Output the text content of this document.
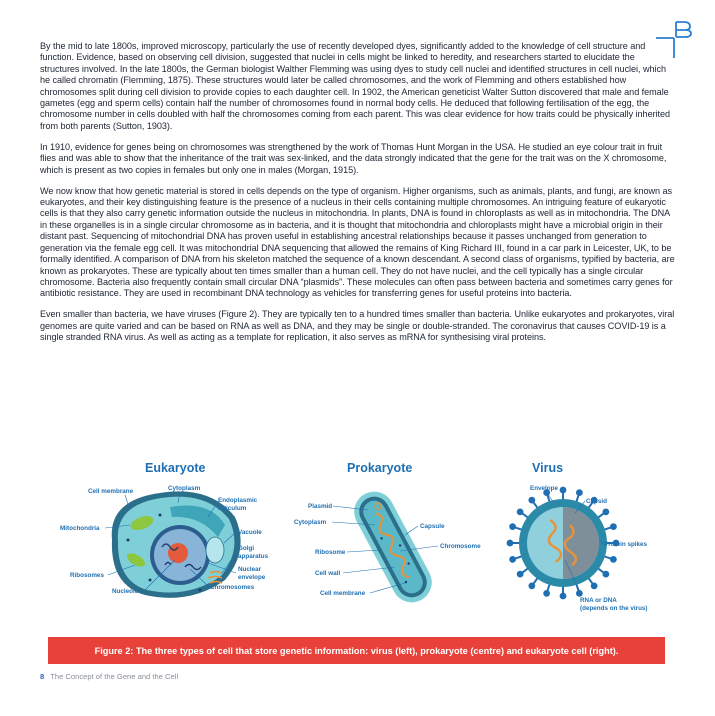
By the mid to late 1800s, improved microscopy, particularly the use of recently developed dyes, significantly added to the knowledge of cell structure and function. Evidence, based on observing cell division, suggested that nuclei in cells might be linked to heredity, and researchers started to elucidate the structures involved. In the late 1800s, the German biologist Walther Flemming was using dyes to study cell nuclei and identified structures in cell nuclei, which he called chromatin (Flemming, 1875). These structures would later be called chromosomes, and the work of Flemming and others established how chromosomes split during cell division to provide copies to each daughter cell. In 1902, the American geneticist Walter Sutton discovered that male and female gametes (egg and sperm cells) contain half the number of chromosomes found in normal body cells. He deduced that following fertilisation of the egg, the chromosome number in cells doubled with half the chromosomes coming from each parent. This was clear evidence for how traits could be physically inherited from both parents (Sutton, 1903).

In 1910, evidence for genes being on chromosomes was strengthened by the work of Thomas Hunt Morgan in the USA. He studied an eye colour trait in fruit flies and was able to show that the inheritance of the trait was sex-linked, and the data strongly indicated that the gene for the trait was on the X chromosome, which is present as two copies in females but only one in males (Morgan, 1915).

We now know that how genetic material is stored in cells depends on the type of organism. Higher organisms, such as animals, plants, and fungi, are known as eukaryotes, and their key distinguishing feature is the presence of a nucleus in their cells containing multiple chromosomes. An intriguing feature of eukaryotic cells is that they also carry genetic information outside the nucleus in mitochondria. In plants, DNA is found in chloroplasts as well as in mitochondria. The DNA in these organelles is in a single circular chromosome as in bacteria, and it is thought that mitochondria and chloroplasts might have a microbial origin in their distant past. Sequencing of mitochondrial DNA has proven useful in establishing ancestral relationships because it passes unchanged from generation to generation via the female egg cell. It was mitochondrial DNA sequencing that allowed the remains of King Richard III, found in a car park in Leicester, UK, to be formally identified. A comparison of DNA from his skeleton matched the sequence of a known descendant. A second class of organisms, typified by bacteria, are known as prokaryotes. These are typically about ten times smaller than a human cell. They do not have nuclei, and the cell typically has a single circular chromosome. Bacteria also frequently contain small circular DNA “plasmids”. These molecules can often pass between bacteria and sometimes carry genes for antibiotic resistance. They are used in recombinant DNA technology as vehicles for transferring genes for useful proteins into bacteria.

Even smaller than bacteria, we have viruses (Figure 2). They are typically ten to a hundred times smaller than bacteria. Unlike eukaryotes and prokaryotes, viral genomes are quite varied and can be based on RNA as well as DNA, and they may be single or double-stranded. The coronavirus that causes COVID-19 is a single stranded RNA virus. As well as acting as a template for replication, it also serves as mRNA for synthesising viral proteins.

Eukaryote
Cell membrane	Cytoplasm
Endoplasmic
reticulum
Mitochondria
Vacuole
Golgi
apparatus
Nuclear
envelope
Ribosomes
Chromosomes
Nucleolus
Prokaryote
Plasmid
Cytoplasm
Capsule
Ribosome
Chromosome
Cell wall
Cell membrane
Virus
Envelope
Capsid
Protein spikes
RNA or DNA
(depends on the virus)
Figure 2: The three types of cell that store genetic information: virus (left), prokaryote (centre) and eukaryote cell (right).
8 The Concept of the Gene and the Cell
